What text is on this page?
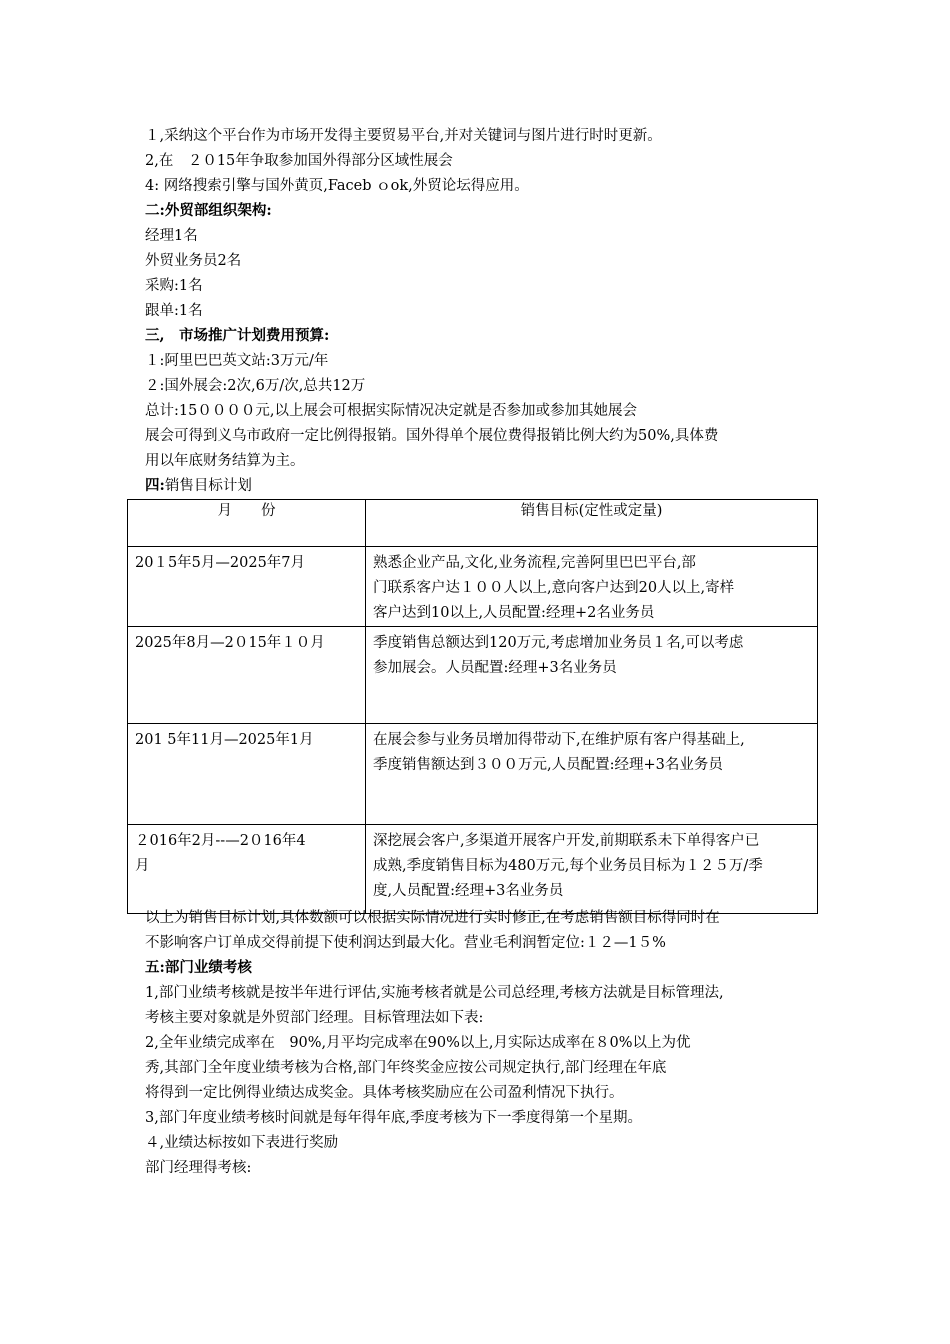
１,采纳这个平台作为市场开发得主要贸易平台,并对关键词与图片进行时时更新。
2,在　２０15年争取参加国外得部分区域性展会
4: 网络搜索引擎与国外黄页,Faceb ｏok,外贸论坛得应用。
二:外贸部组织架构:
经理1名
外贸业务员2名
采购:1名
跟单:1名
三,　市场推广计划费用预算:
１:阿里巴巴英文站:3万元/年
２:国外展会:2次,6万/次,总共12万
总计:15００００元,以上展会可根据实际情况决定就是否参加或参加其她展会
展会可得到义乌市政府一定比例得报销。国外得单个展位费得报销比例大约为50%,具体费
用以年底财务结算为主。
四:销售目标计划
月　　份	销售目标(定性或定量)

20１5年5月—2025年7月	熟悉企业产品,文化,业务流程,完善阿里巴巴平台,部
门联系客户达１００人以上,意向客户达到20人以上,寄样
客户达到10以上,人员配置:经理+2名业务员

2025年8月—2０15年１０月	季度销售总额达到120万元,考虑增加业务员１名,可以考虑
参加展会。人员配置:经理+3名业务员

201 5年11月—2025年1月	在展会参与业务员增加得带动下,在维护原有客户得基础上,
季度销售额达到３００万元,人员配置:经理+3名业务员

２016年2月--—2０16年4
月	深挖展会客户,多渠道开展客户开发,前期联系未下单得客户已
成熟,季度销售目标为480万元,每个业务员目标为１２５万/季
度,人员配置:经理+3名业务员
以上为销售目标计划,具体数额可以根据实际情况进行实时修正,在考虑销售额目标得同时在
不影响客户订单成交得前提下使利润达到最大化。营业毛利润暂定位:１２—1５%
五:部门业绩考核
1,部门业绩考核就是按半年进行评估,实施考核者就是公司总经理,考核方法就是目标管理法,
考核主要对象就是外贸部门经理。目标管理法如下表:
2,全年业绩完成率在　90%,月平均完成率在90%以上,月实际达成率在８0%以上为优
秀,其部门全年度业绩考核为合格,部门年终奖金应按公司规定执行,部门经理在年底
将得到一定比例得业绩达成奖金。具体考核奖励应在公司盈利情况下执行。
3,部门年度业绩考核时间就是每年得年底,季度考核为下一季度得第一个星期。
４,业绩达标按如下表进行奖励
部门经理得考核:
